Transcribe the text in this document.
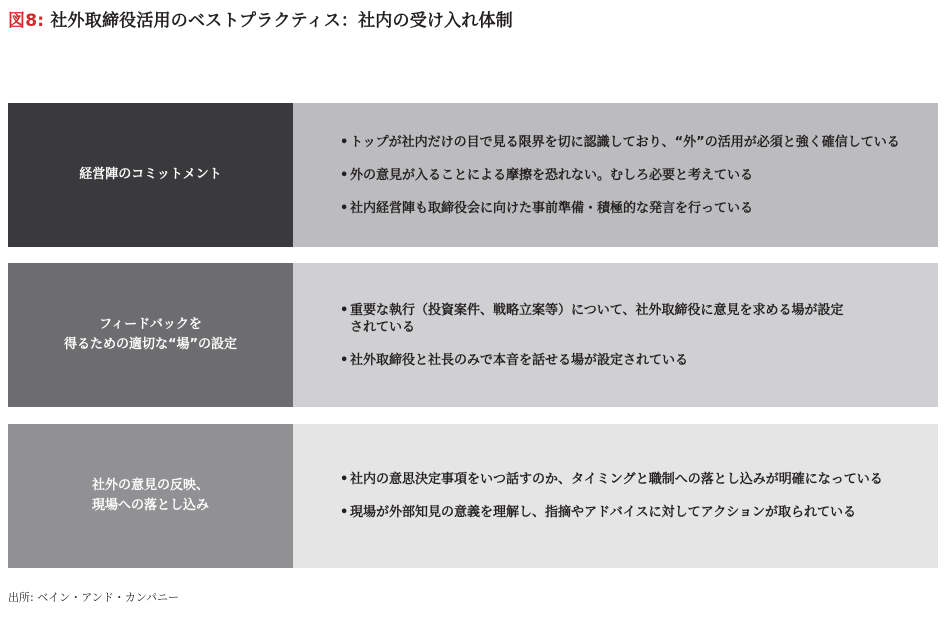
図8: 社外取締役活用のベストプラクティス：社内の受け入れ体制
経営陣のコミットメント
• トップが社内だけの目で見る限界を切に認識しており、“外”の活用が必須と強く確信している
• 外の意見が入ることによる摩擦を恐れない。むしろ必要と考えている
• 社内経営陣も取締役会に向けた事前準備・積極的な発言を行っている
フィードバックを
得るための適切な“場”の設定
• 重要な執行（投資案件、戦略立案等）について、社外取締役に意見を求める場が設定
されている
• 社外取締役と社長のみで本音を話せる場が設定されている
社外の意見の反映、
現場への落とし込み
• 社内の意思決定事項をいつ話すのか、タイミングと職制への落とし込みが明確になっている
• 現場が外部知見の意義を理解し、指摘やアドバイスに対してアクションが取られている
出所: ベイン・アンド・カンパニー
